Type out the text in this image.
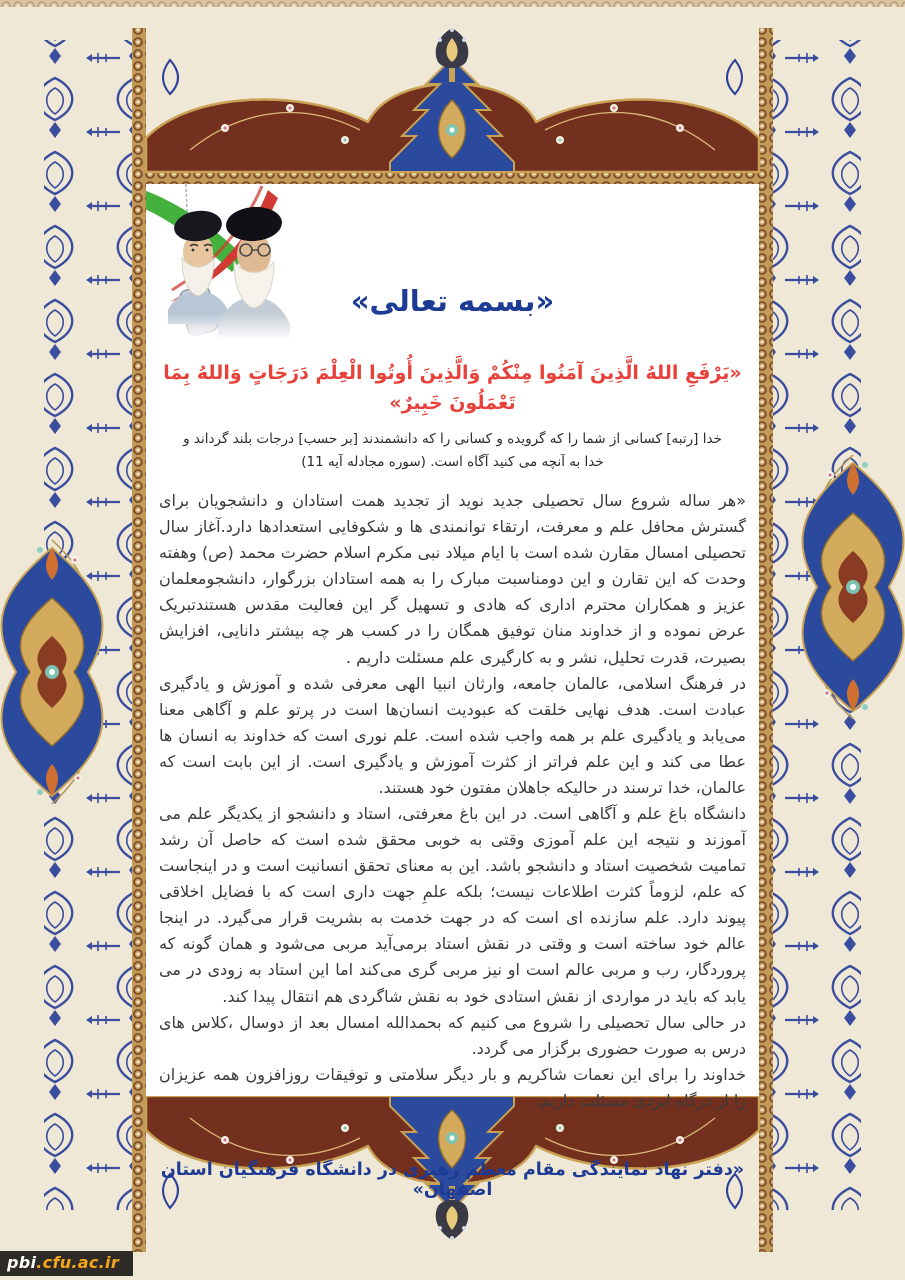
«بسمه تعالی»
«یَرْفَعِ اللهُ الَّذِینَ آمَنُوا مِنْکُمْ وَالَّذِینَ أُوتُوا الْعِلْمَ دَرَجَاتٍ وَاللهُ بِمَا تَعْمَلُونَ خَبِیرٌ»
خدا [رتبه] کسانی از شما را که گرویده و کسانی را که دانشمندند [بر حسب] درجات بلند گرداند و خدا به آنچه می کنید آگاه است. (سوره مجادله آیه 11)

«هر ساله شروع سال تحصیلی جدید نوید از تجدید همت استادان و دانشجویان برای گسترش محافل علم و معرفت، ارتقاء توانمندی ها و شکوفایی استعدادها دارد.آغاز سال تحصیلی امسال مقارن شده است با ایام میلاد نبی مکرم اسلام حضرت محمد (ص) وهفته وحدت که این تقارن و این دومناسبت مبارک را به همه استادان بزرگوار، دانشجومعلمان عزیز و همکاران محترم اداری که هادی و تسهیل گر این فعالیت مقدس هستندتبریک عرض نموده و از خداوند منان توفیق همگان را در کسب هر چه بیشتر دانایی، افزایش بصیرت، قدرت تحلیل، نشر و به کارگیری علم مسئلت داریم .

در فرهنگ اسلامی، عالمان جامعه، وارثان انبیا الهی معرفی شده و آموزش و یادگیری عبادت است. هدف نهایی خلقت که عبودیت انسان‌ها است در پرتو علم و آگاهی معنا می‌یابد و یادگیری علم بر همه واجب شده است. علم نوری است که خداوند به انسان ها عطا می کند و این علم فراتر از کثرت آموزش و یادگیری است. از این بابت است که عالمان، خدا ترسند در حالیکه جاهلان مفتون خود هستند.

دانشگاه باغ علم و آگاهی است. در این باغ معرفتی، استاد و دانشجو از یکدیگر علم می آموزند و نتیجه این علم آموزی وقتی به خوبی محقق شده است که حاصل آن رشد تمامیت شخصیت استاد و دانشجو باشد. این به معنای تحقق انسانیت است و در اینجاست که علم، لزوماً کثرت اطلاعات نیست؛ بلکه علمِ جهت داری است که با فضایل اخلاقی پیوند دارد. علم سازنده ای است که در جهت خدمت به بشریت قرار می‌گیرد. در اینجا عالم خود ساخته است و وقتی در نقش استاد برمی‌آید مربی می‌شود و همان گونه که پروردگار، رب و مربی عالم است او نیز مربی گری می‌کند اما این استاد به زودی در می یابد که باید در مواردی از نقش استادی خود به نقش شاگردی هم انتقال پیدا کند.

در حالی سال تحصیلی را شروع می کنیم که بحمدالله امسال بعد از دوسال ،کلاس های درس به صورت حضوری برگزار می گردد.

خداوند را برای این نعمات شاکریم و بار دیگر سلامتی و توفیقات روزافزون همه عزیزان را از درگاه ایزدی مسئلت داریم.

«دفتر نهاد نمایندگی مقام معظم رهبری در دانشگاه فرهنگیان استان اصفهان»
pbi.cfu.ac.ir
